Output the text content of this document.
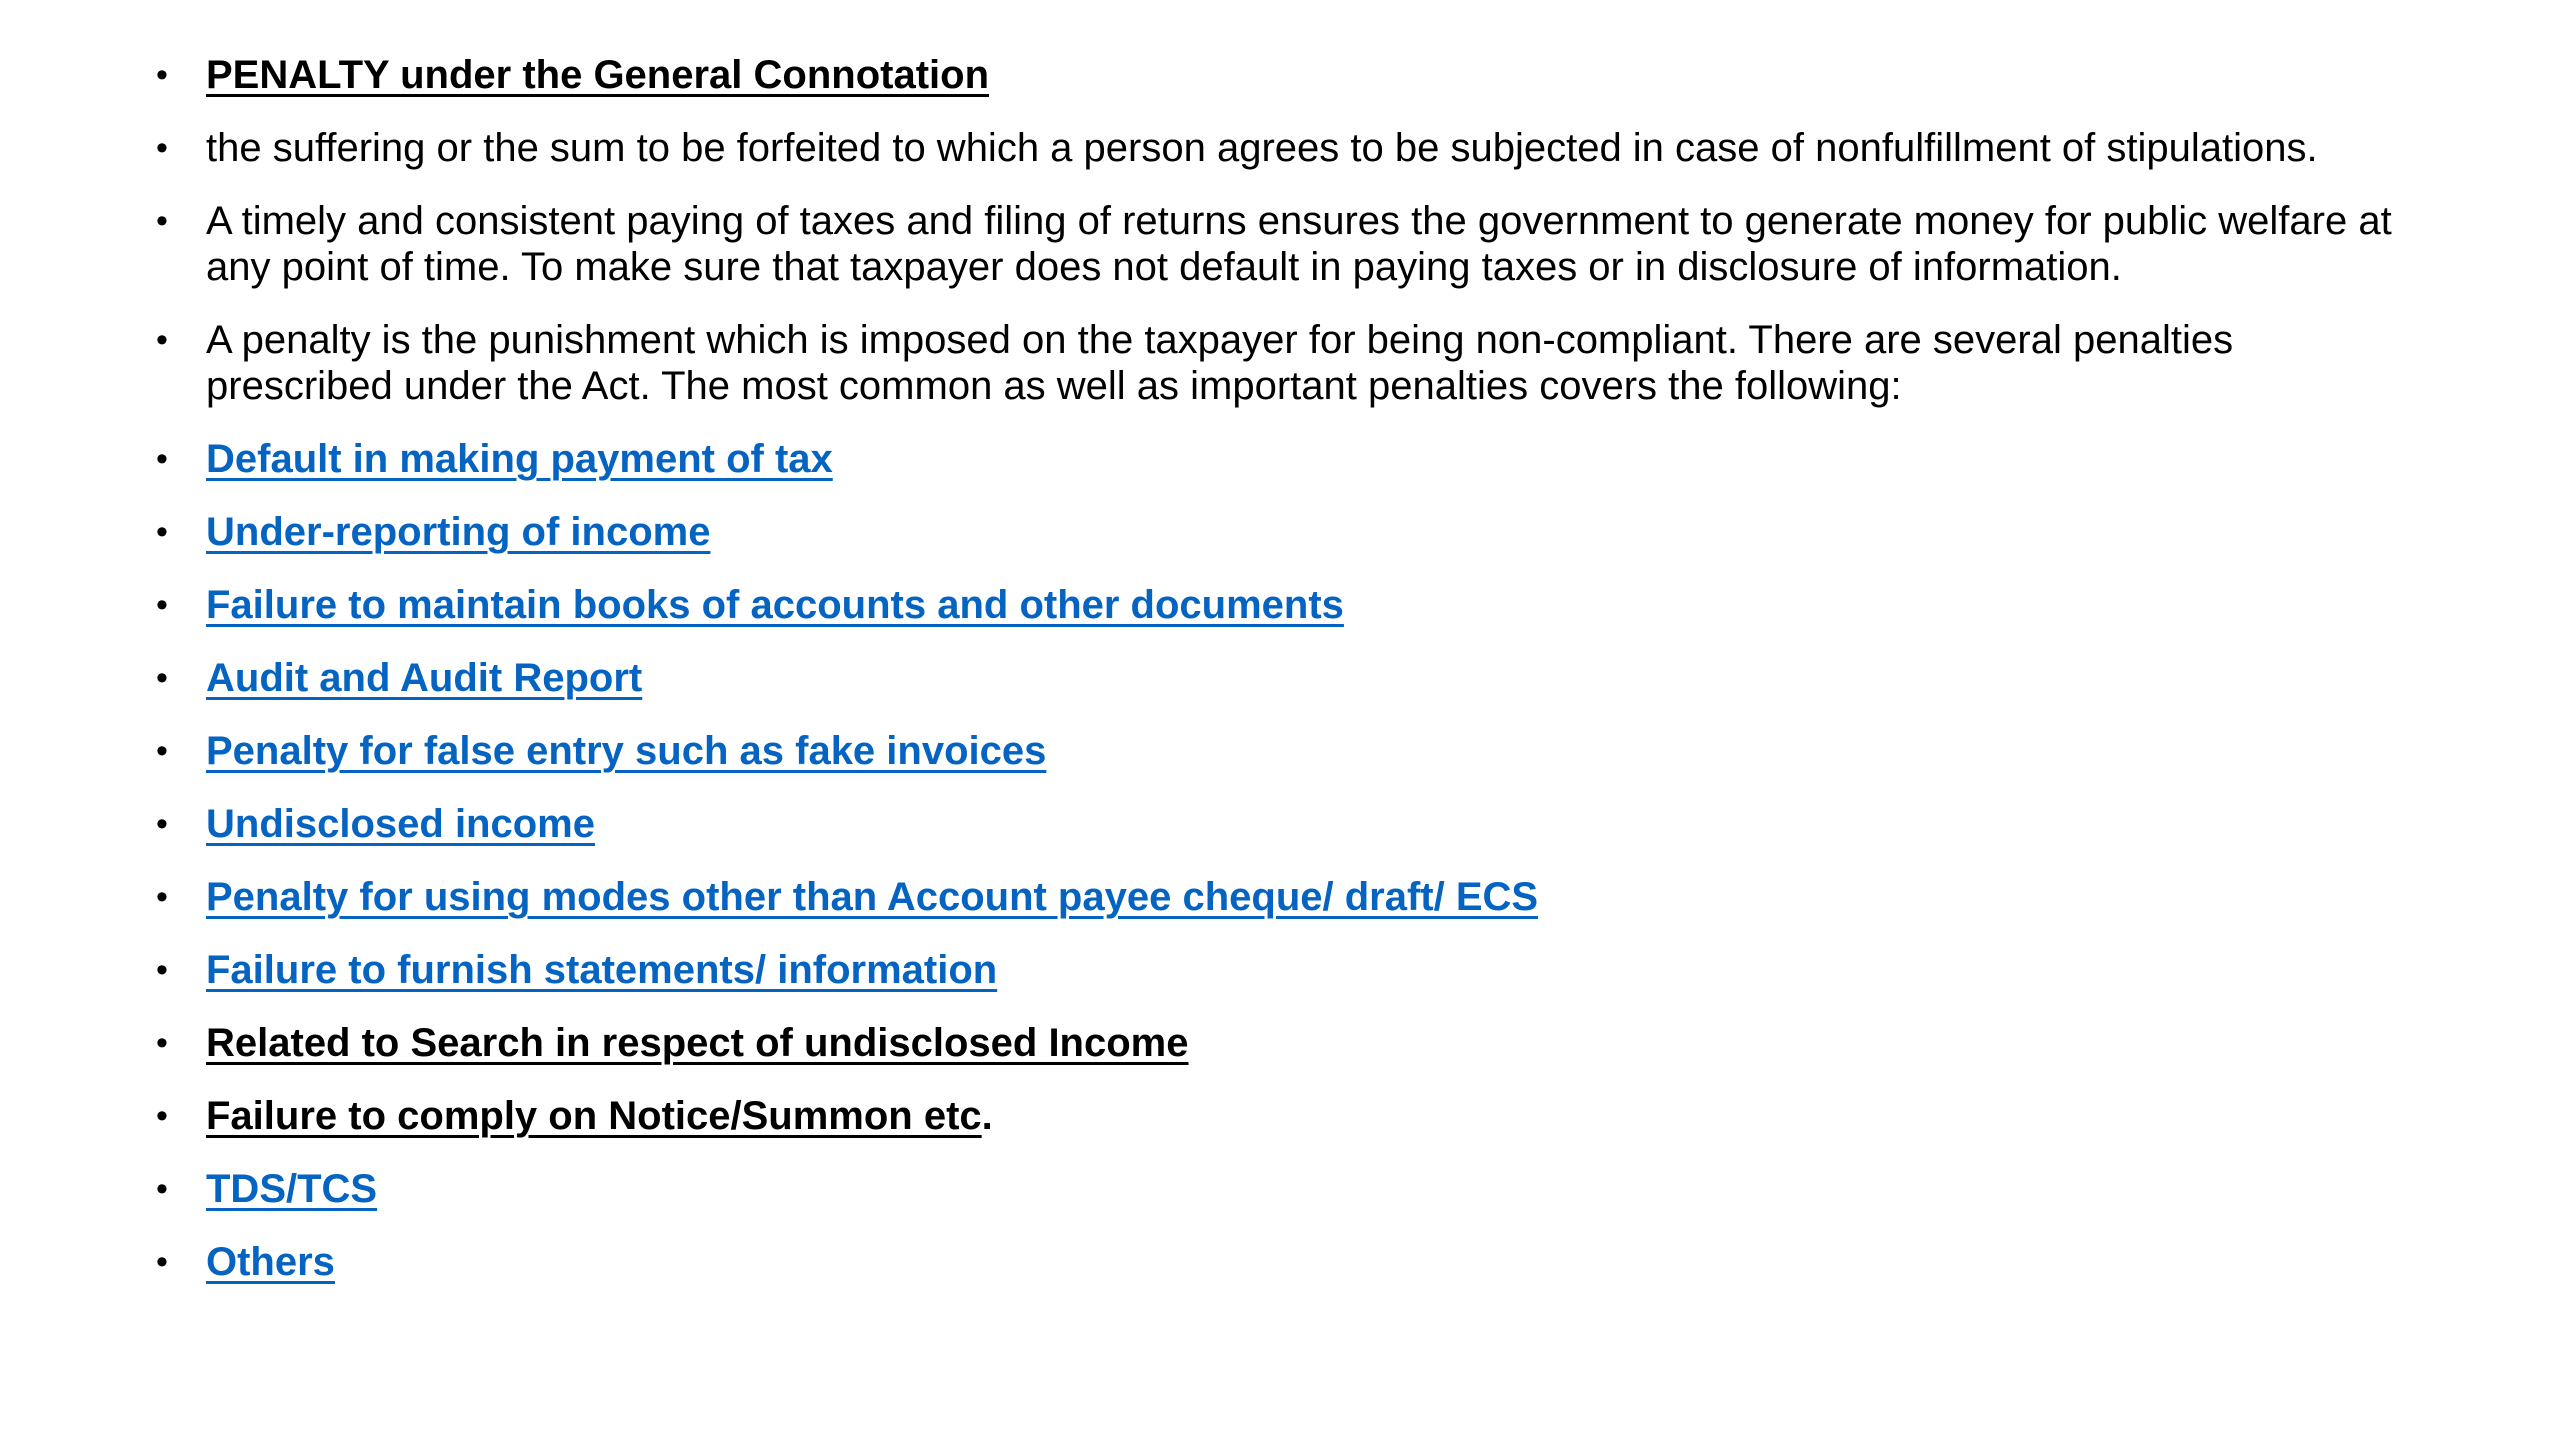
• PENALTY under the General Connotation
• the suffering or the sum to be forfeited to which a person agrees to be subjected in case of nonfulfillment of stipulations.
• A timely and consistent paying of taxes and filing of returns ensures the government to generate money for public welfare at any point of time. To make sure that taxpayer does not default in paying taxes or in disclosure of information.
• A penalty is the punishment which is imposed on the taxpayer for being non-compliant. There are several penalties prescribed under the Act. The most common as well as important penalties covers the following:
• Default in making payment of tax
• Under-reporting of income
• Failure to maintain books of accounts and other documents
• Audit and Audit Report
• Penalty for false entry such as fake invoices
• Undisclosed income
• Penalty for using modes other than Account payee cheque/ draft/ ECS
• Failure to furnish statements/ information
• Related to Search in respect of undisclosed Income
• Failure to comply on Notice/Summon etc.
• TDS/TCS
• Others
